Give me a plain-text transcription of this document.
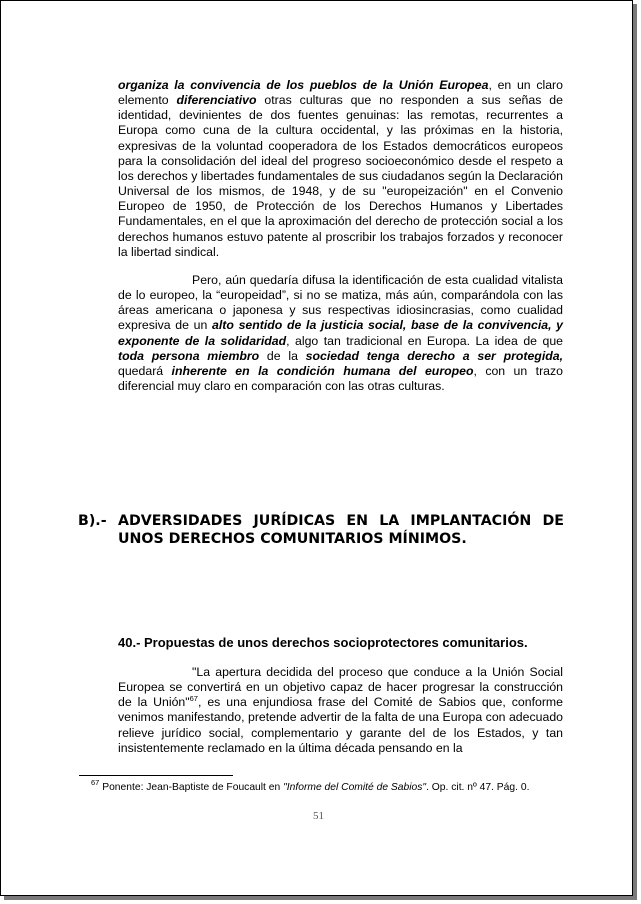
organiza la convivencia de los pueblos de la Unión Europea, en un claro elemento diferenciativo otras culturas que no responden a sus señas de identidad, devinientes de dos fuentes genuinas: las remotas, recurrentes a Europa como cuna de la cultura occidental, y las próximas en la historia, expresivas de la voluntad cooperadora de los Estados democráticos europeos para la consolidación del ideal del progreso socioeconómico desde el respeto a los derechos y libertades fundamentales de sus ciudadanos según la Declaración Universal de los mismos, de 1948, y de su "europeización" en el Convenio Europeo de 1950, de Protección de los Derechos Humanos y Libertades Fundamentales, en el que la aproximación del derecho de protección social a los derechos humanos estuvo patente al proscribir los trabajos forzados y reconocer la libertad sindical.

Pero, aún quedaría difusa la identificación de esta cualidad vitalista de lo europeo, la “europeidad”, si no se matiza, más aún, comparándola con las áreas americana o japonesa y sus respectivas idiosincrasias, como cualidad expresiva de un alto sentido de la justicia social, base de la convivencia, y exponente de la solidaridad, algo tan tradicional en Europa. La idea de que toda persona miembro de la sociedad tenga derecho a ser protegida, quedará inherente en la condición humana del europeo, con un trazo diferencial muy claro en comparación con las otras culturas.

B).- ADVERSIDADES JURÍDICAS EN LA IMPLANTACIÓN DE UNOS DERECHOS COMUNITARIOS MÍNIMOS.
40.- Propuestas de unos derechos socioprotectores comunitarios.

"La apertura decidida del proceso que conduce a la Unión Social Europea se convertirá en un objetivo capaz de hacer progresar la construcción de la Unión"$^{67}$, es una enjundiosa frase del Comité de Sabios que, conforme venimos manifestando, pretende advertir de la falta de una Europa con adecuado relieve jurídico social, complementario y garante del de los Estados, y tan insistentemente reclamado en la última década pensando en la

$^{67}$ Ponente: Jean-Baptiste de Foucault en "Informe del Comité de Sabios". Op. cit. nº 47. Pág. 0.
51
